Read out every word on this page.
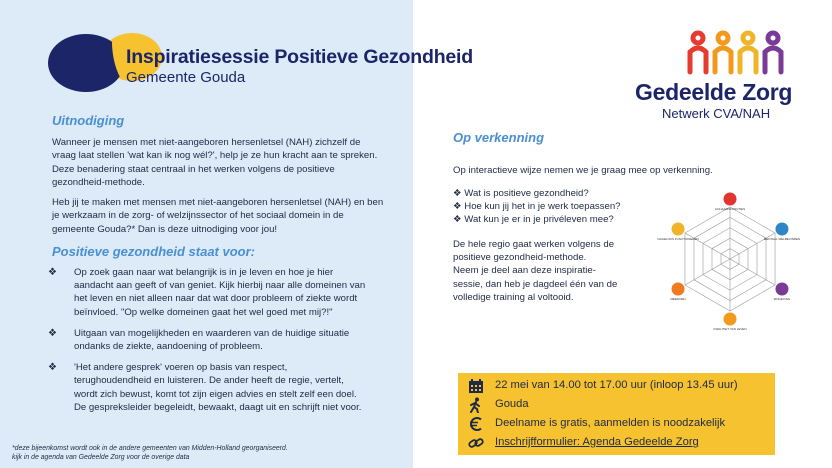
Inspiratiesessie Positieve Gezondheid
Gemeente Gouda
Uitnodiging
Wanneer je mensen met niet-aangeboren hersenletsel (NAH) zichzelf de
vraag laat stellen 'wat kan ik nog wél?', help je ze hun kracht aan te spreken.
Deze benadering staat centraal in het werken volgens de positieve
gezondheid-methode.
Heb jij te maken met mensen met niet-aangeboren hersenletsel (NAH) en ben
je werkzaam in de zorg- of welzijnssector of het sociaal domein in de
gemeente Gouda?* Dan is deze uitnodiging voor jou!
Positieve gezondheid staat voor:
❖ Op zoek gaan naar wat belangrijk is in je leven en hoe je hier
aandacht aan geeft of van geniet. Kijk hierbij naar alle domeinen van
het leven en niet alleen naar dat wat door probleem of ziekte wordt
beïnvloed. "Op welke domeinen gaat het wel goed met mij?!"
❖ Uitgaan van mogelijkheden en waarderen van de huidige situatie
ondanks de ziekte, aandoening of probleem.
❖ 'Het andere gesprek' voeren op basis van respect,
terughoudendheid en luisteren. De ander heeft de regie, vertelt,
wordt zich bewust, komt tot zijn eigen advies en stelt zelf een doel.
De gespreksleider begeleidt, bewaakt, daagt uit en schrijft niet voor.
*deze bijeenkomst wordt ook in de andere gemeenten van Midden-Holland georganiseerd.
kijk in de agenda van Gedeelde Zorg voor de overige data
Gedeelde Zorg
Netwerk CVA/NAH
Op verkenning
Op interactieve wijze nemen we je graag mee op verkenning.
❖ Wat is positieve gezondheid?
❖ Hoe kun jij het in je werk toepassen?
❖ Wat kun je er in je privéleven mee?
De hele regio gaat werken volgens de
positieve gezondheid-methode.
Neem je deel aan deze inspiratie-
sessie, dan heb je dagdeel één van de
volledige training al voltooid.
LICHAAMSFUNCTIES
MENTAAL WELBEVINDEN
ZINGEVING
KWALITEIT VAN LEVEN
MEEDOEN
DAGELIJKS FUNCTIONEREN
22 mei van 14.00 tot 17.00 uur (inloop 13.45 uur)
Gouda
Deelname is gratis, aanmelden is noodzakelijk
Inschrijfformulier: Agenda Gedeelde Zorg
